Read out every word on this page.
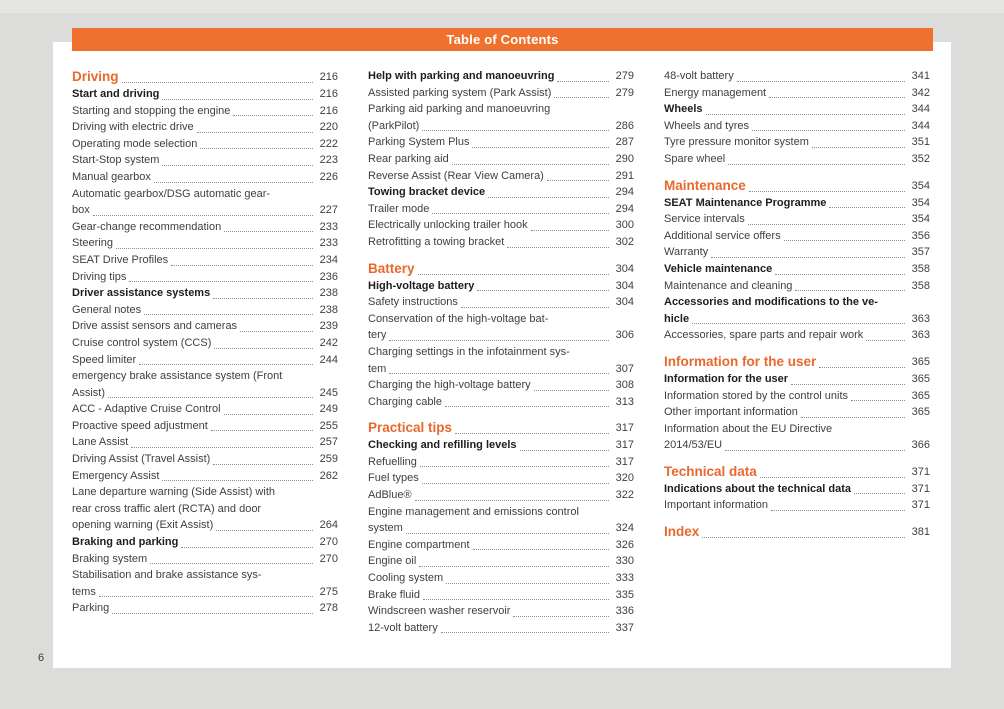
Table of Contents
Driving	216
Start and driving	216
Starting and stopping the engine	216
Driving with electric drive	220
Operating mode selection	222
Start-Stop system	223
Manual gearbox	226
Automatic gearbox/DSG automatic gear-
box	227
Gear-change recommendation	233
Steering	233
SEAT Drive Profiles	234
Driving tips	236
Driver assistance systems	238
General notes	238
Drive assist sensors and cameras	239
Cruise control system (CCS)	242
Speed limiter	244
emergency brake assistance system (Front
Assist)	245
ACC - Adaptive Cruise Control	249
Proactive speed adjustment	255
Lane Assist	257
Driving Assist (Travel Assist)	259
Emergency Assist	262
Lane departure warning (Side Assist) with
rear cross traffic alert (RCTA) and door
opening warning (Exit Assist)	264
Braking and parking	270
Braking system	270
Stabilisation and brake assistance sys-
tems	275
Parking	278
Help with parking and manoeuvring	279
Assisted parking system (Park Assist)	279
Parking aid parking and manoeuvring
(ParkPilot)	286
Parking System Plus	287
Rear parking aid	290
Reverse Assist (Rear View Camera)	291
Towing bracket device	294
Trailer mode	294
Electrically unlocking trailer hook	300
Retrofitting a towing bracket	302
Battery	304
High-voltage battery	304
Safety instructions	304
Conservation of the high-voltage bat-
tery	306
Charging settings in the infotainment sys-
tem	307
Charging the high-voltage battery	308
Charging cable	313
Practical tips	317
Checking and refilling levels	317
Refuelling	317
Fuel types	320
AdBlue®	322
Engine management and emissions control
system	324
Engine compartment	326
Engine oil	330
Cooling system	333
Brake fluid	335
Windscreen washer reservoir	336
12-volt battery	337
48-volt battery	341
Energy management	342
Wheels	344
Wheels and tyres	344
Tyre pressure monitor system	351
Spare wheel	352
Maintenance	354
SEAT Maintenance Programme	354
Service intervals	354
Additional service offers	356
Warranty	357
Vehicle maintenance	358
Maintenance and cleaning	358
Accessories and modifications to the ve-
hicle	363
Accessories, spare parts and repair work	363
Information for the user	365
Information for the user	365
Information stored by the control units	365
Other important information	365
Information about the EU Directive
2014/53/EU	366
Technical data	371
Indications about the technical data	371
Important information	371
Index	381
6
